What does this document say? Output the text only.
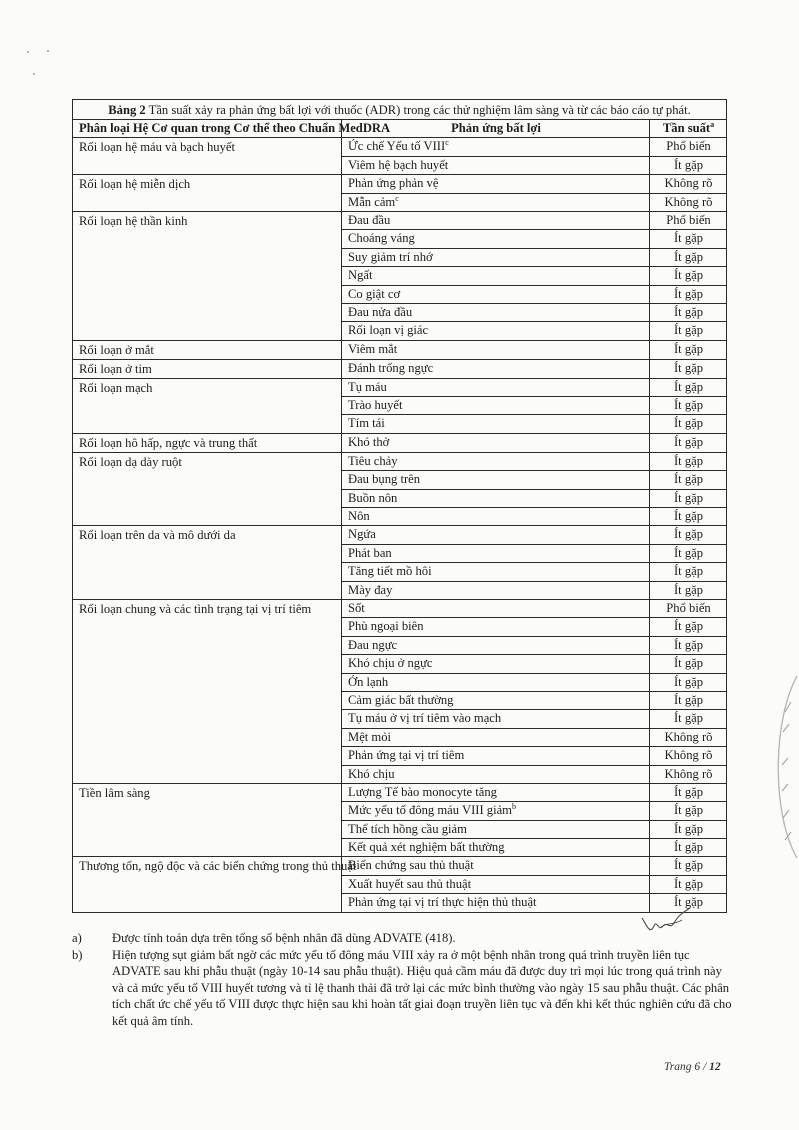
Bảng 2 Tần suất xảy ra phản ứng bất lợi với thuốc (ADR) trong các thử nghiệm lâm sàng và từ các báo cáo tự phát.		
Phân loại Hệ Cơ quan trong Cơ thể theo Chuẩn MedDRA	Phản ứng bất lợi	Tần suất$^a$
Rối loạn hệ máu và bạch huyết	Ức chế Yếu tố VIII$^c$	Phổ biến
	Viêm hệ bạch huyết	Ít gặp
Rối loạn hệ miễn dịch	Phản ứng phản vệ	Không rõ
	Mẫn cảm$^c$	Không rõ
Rối loạn hệ thần kinh	Đau đầu	Phổ biến
	Choáng váng	Ít gặp
	Suy giảm trí nhớ	Ít gặp
	Ngất	Ít gặp
	Co giật cơ	Ít gặp
	Đau nửa đầu	Ít gặp
	Rối loạn vị giác	Ít gặp
Rối loạn ở mắt	Viêm mắt	Ít gặp
Rối loạn ở tim	Đánh trống ngực	Ít gặp
Rối loạn mạch	Tụ máu	Ít gặp
	Trào huyết	Ít gặp
	Tím tái	Ít gặp
Rối loạn hô hấp, ngực và trung thất	Khó thở	Ít gặp
Rối loạn dạ dày ruột	Tiêu chảy	Ít gặp
	Đau bụng trên	Ít gặp
	Buồn nôn	Ít gặp
	Nôn	Ít gặp
Rối loạn trên da và mô dưới da	Ngứa	Ít gặp
	Phát ban	Ít gặp
	Tăng tiết mồ hôi	Ít gặp
	Mày đay	Ít gặp
Rối loạn chung và các tình trạng tại vị trí tiêm	Sốt	Phổ biến
	Phù ngoại biên	Ít gặp
	Đau ngực	Ít gặp
	Khó chịu ở ngực	Ít gặp
	Ớn lạnh	Ít gặp
	Cảm giác bất thường	Ít gặp
	Tụ máu ở vị trí tiêm vào mạch	Ít gặp
	Mệt mỏi	Không rõ
	Phản ứng tại vị trí tiêm	Không rõ
	Khó chịu	Không rõ
Tiền lâm sàng	Lượng Tế bào monocyte tăng	Ít gặp
	Mức yếu tố đông máu VIII giảm$^b$	Ít gặp
	Thể tích hồng cầu giảm	Ít gặp
	Kết quả xét nghiệm bất thường	Ít gặp
Thương tổn, ngộ độc và các biến chứng trong thủ thuật	Biến chứng sau thủ thuật	Ít gặp
	Xuất huyết sau thủ thuật	Ít gặp
	Phản ứng tại vị trí thực hiện thủ thuật	Ít gặp
a)	Được tính toán dựa trên tổng số bệnh nhân đã dùng ADVATE (418).
b)	Hiện tượng sụt giảm bất ngờ các mức yếu tố đông máu VIII xảy ra ở một bệnh nhân trong quá trình truyền liên tục ADVATE sau khi phẫu thuật (ngày 10-14 sau phẫu thuật). Hiệu quả cầm máu đã được duy trì mọi lúc trong quá trình này và cả mức yếu tố VIII huyết tương và tỉ lệ thanh thải đã trở lại các mức bình thường vào ngày 15 sau phẫu thuật. Các phân tích chất ức chế yếu tố VIII được thực hiện sau khi hoàn tất giai đoạn truyền liên tục và đến khi kết thúc nghiên cứu đã cho kết quả âm tính.
Trang 6 / 12
